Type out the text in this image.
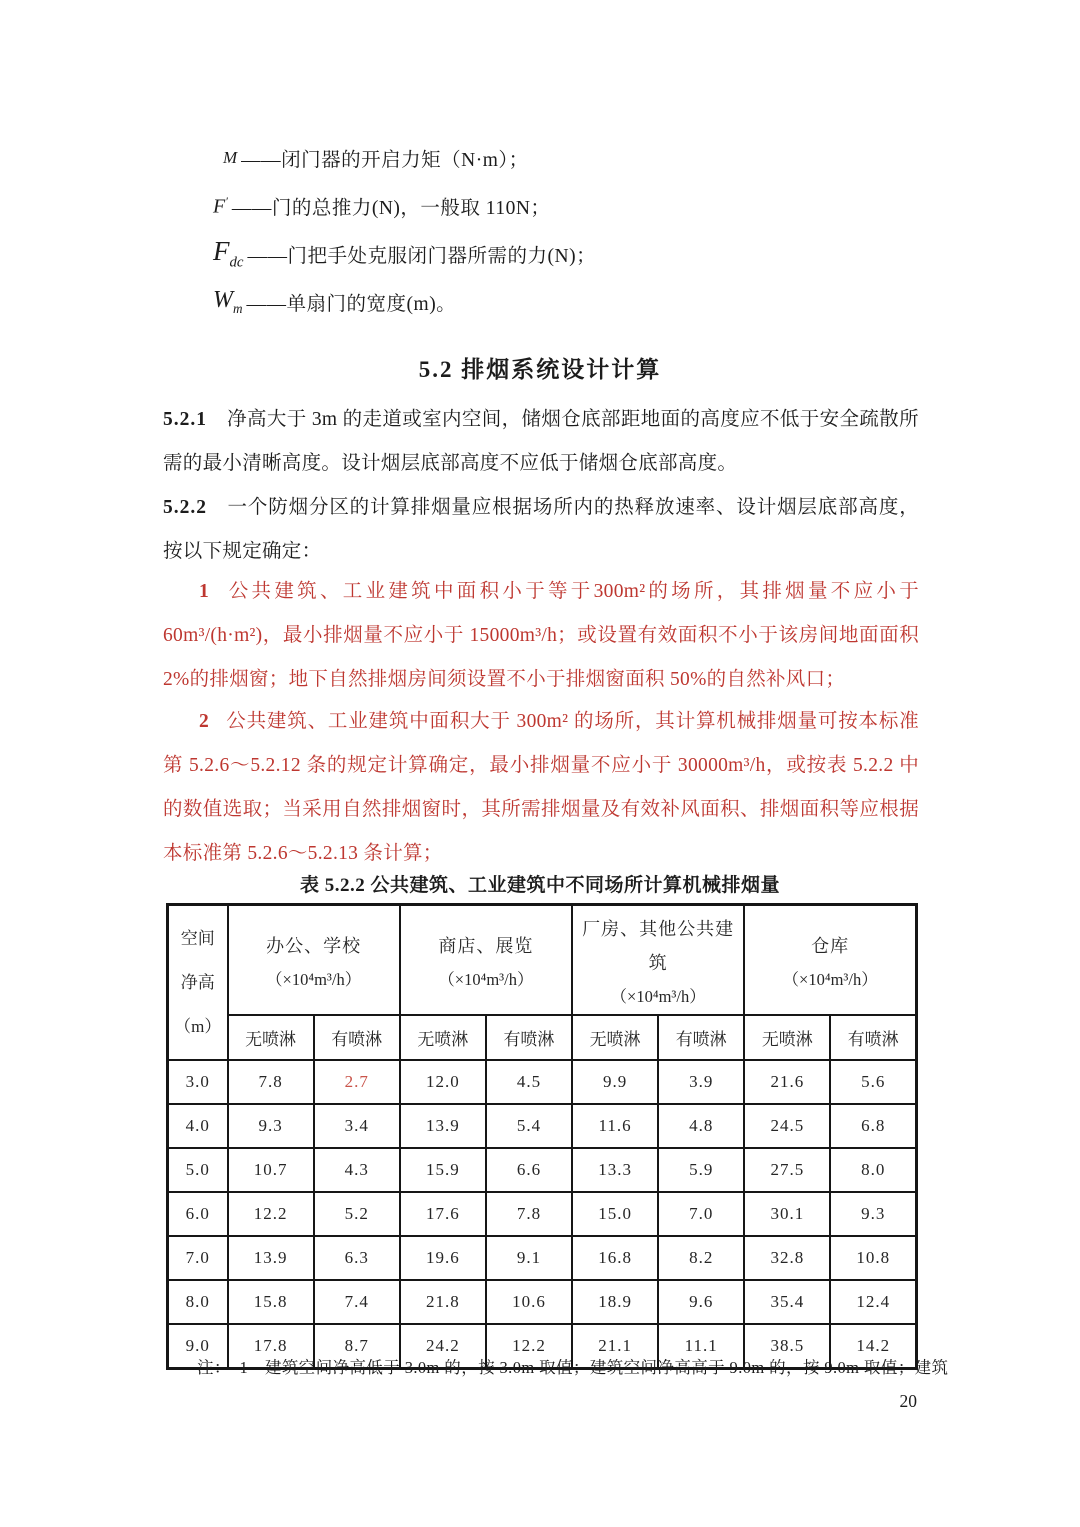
M ——闭门器的开启力矩（N·m）；
F′ ——门的总推力(N)，一般取 110N；
$F_{dc}$ ——门把手处克服闭门器所需的力(N)；
$W_m$ ——单扇门的宽度(m)。
5.2 排烟系统设计计算

5.2.1 净高大于 3m 的走道或室内空间，储烟仓底部距地面的高度应不低于安全疏散所需的最小清晰高度。设计烟层底部高度不应低于储烟仓底部高度。

5.2.2 一个防烟分区的计算排烟量应根据场所内的热释放速率、设计烟层底部高度，按以下规定确定：

1 公共建筑、工业建筑中面积小于等于300m²的场所，其排烟量不应小于60m³/(h·m²)，最小排烟量不应小于 15000m³/h；或设置有效面积不小于该房间地面面积 2%的排烟窗；地下自然排烟房间须设置不小于排烟窗面积 50%的自然补风口；

2 公共建筑、工业建筑中面积大于 300m² 的场所，其计算机械排烟量可按本标准第 5.2.6～5.2.12 条的规定计算确定，最小排烟量不应小于 30000m³/h，或按表 5.2.2 中的数值选取；当采用自然排烟窗时，其所需排烟量及有效补风面积、排烟面积等应根据本标准第 5.2.6～5.2.13 条计算；

表 5.2.2 公共建筑、工业建筑中不同场所计算机械排烟量
空间
净高
（m）

办公、学校
（×10⁴m³/h）

商店、展览
（×10⁴m³/h）

厂房、其他公共建筑
（×10⁴m³/h）

仓库
（×10⁴m³/h）

	无喷淋	有喷淋	无喷淋	有喷淋	无喷淋	有喷淋	无喷淋	有喷淋
3.0	7.8	2.7	12.0	4.5	9.9	3.9	21.6	5.6
4.0	9.3	3.4	13.9	5.4	11.6	4.8	24.5	6.8
5.0	10.7	4.3	15.9	6.6	13.3	5.9	27.5	8.0
6.0	12.2	5.2	17.6	7.8	15.0	7.0	30.1	9.3
7.0	13.9	6.3	19.6	9.1	16.8	8.2	32.8	10.8
8.0	15.8	7.4	21.8	10.6	18.9	9.6	35.4	12.4
9.0	17.8	8.7	24.2	12.2	21.1	11.1	38.5	14.2
注：　1　建筑空间净高低于 3.0m 的，按 3.0m 取值；建筑空间净高高于 9.0m 的，按 9.0m 取值；建筑
20
